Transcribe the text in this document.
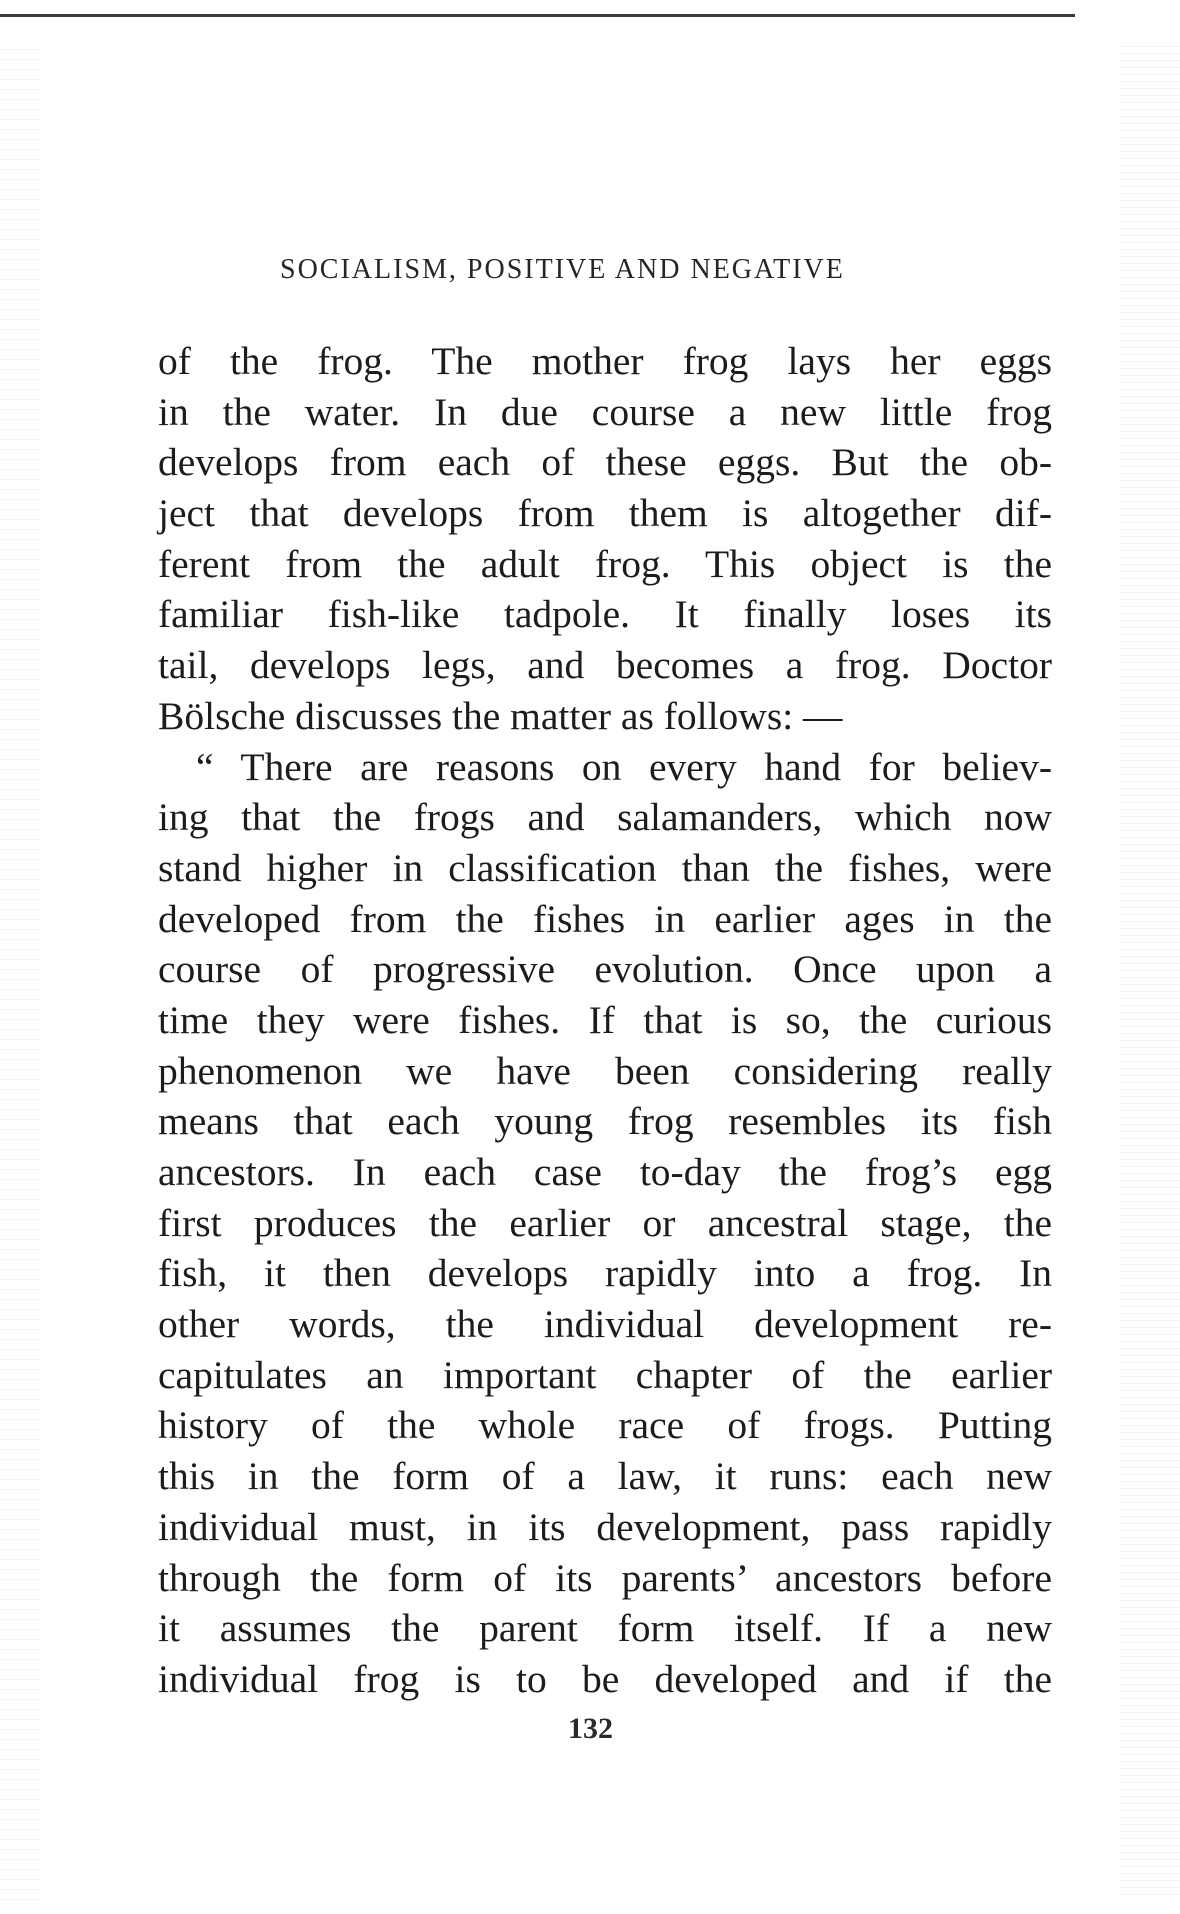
SOCIALISM, POSITIVE AND NEGATIVE
of the frog. The mother frog lays her eggs
in the water. In due course a new little frog
develops from each of these eggs. But the ob-
ject that develops from them is altogether dif-
ferent from the adult frog. This object is the
familiar fish-like tadpole. It finally loses its
tail, develops legs, and becomes a frog. Doctor
Bölsche discusses the matter as follows: —
“ There are reasons on every hand for believ-
ing that the frogs and salamanders, which now
stand higher in classification than the fishes, were
developed from the fishes in earlier ages in the
course of progressive evolution. Once upon a
time they were fishes. If that is so, the curious
phenomenon we have been considering really
means that each young frog resembles its fish
ancestors. In each case to-day the frog’s egg
first produces the earlier or ancestral stage, the
fish, it then develops rapidly into a frog. In
other words, the individual development re-
capitulates an important chapter of the earlier
history of the whole race of frogs. Putting
this in the form of a law, it runs: each new
individual must, in its development, pass rapidly
through the form of its parents’ ancestors before
it assumes the parent form itself. If a new
individual frog is to be developed and if the
132
